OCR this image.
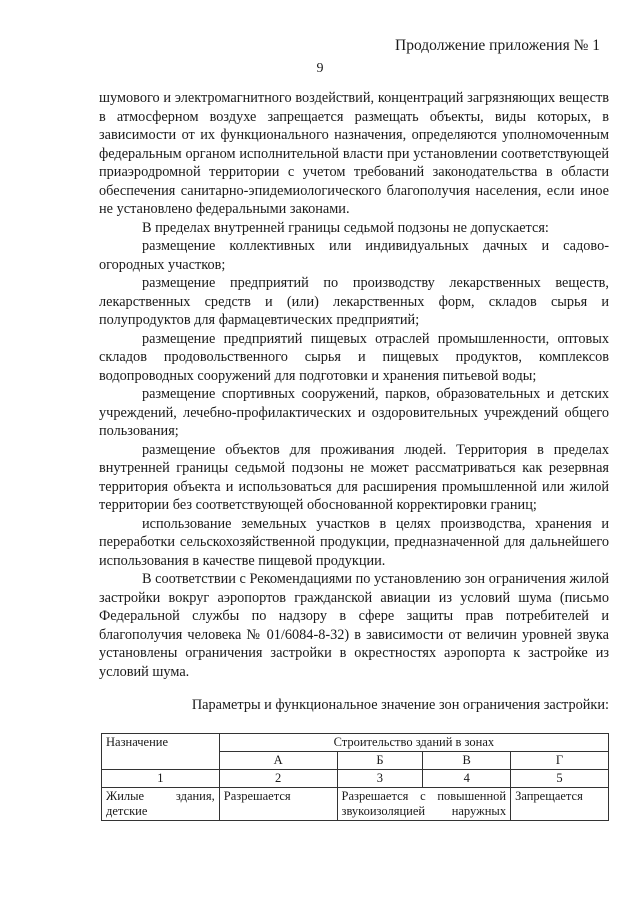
Продолжение приложения № 1

9

шумового и электромагнитного воздействий, концентраций загрязняющих веществ в атмосферном воздухе запрещается размещать объекты, виды которых, в зависимости от их функционального назначения, определяются уполномоченным федеральным органом исполнительной власти при установлении соответствующей приаэродромной территории с учетом требований законодательства в области обеспечения санитарно-эпидемиологического благополучия населения, если иное не установлено федеральными законами.

В пределах внутренней границы седьмой подзоны не допускается:

размещение коллективных или индивидуальных дачных и садово-огородных участков;

размещение предприятий по производству лекарственных веществ, лекарственных средств и (или) лекарственных форм, складов сырья и полупродуктов для фармацевтических предприятий;

размещение предприятий пищевых отраслей промышленности, оптовых складов продовольственного сырья и пищевых продуктов, комплексов водопроводных сооружений для подготовки и хранения питьевой воды;

размещение спортивных сооружений, парков, образовательных и детских учреждений, лечебно-профилактических и оздоровительных учреждений общего пользования;

размещение объектов для проживания людей. Территория в пределах внутренней границы седьмой подзоны не может рассматриваться как резервная территория объекта и использоваться для расширения промышленной или жилой территории без соответствующей обоснованной корректировки границ;

использование земельных участков в целях производства, хранения и переработки сельскохозяйственной продукции, предназначенной для дальнейшего использования в качестве пищевой продукции.

В соответствии с Рекомендациями по установлению зон ограничения жилой застройки вокруг аэропортов гражданской авиации из условий шума (письмо Федеральной службы по надзору в сфере защиты прав потребителей и благополучия человека № 01/6084-8-32) в зависимости от величин уровней звука установлены ограничения застройки в окрестностях аэропорта к застройке из условий шума.

Параметры и функциональное значение зон ограничения застройки:

Назначение	Строительство зданий в зонах			
	А	Б	В	Г
1	2	3	4	5
Жилые здания, детские	Разрешается	Разрешается с повышенной звукоизоляцией наружных		Запрещается
